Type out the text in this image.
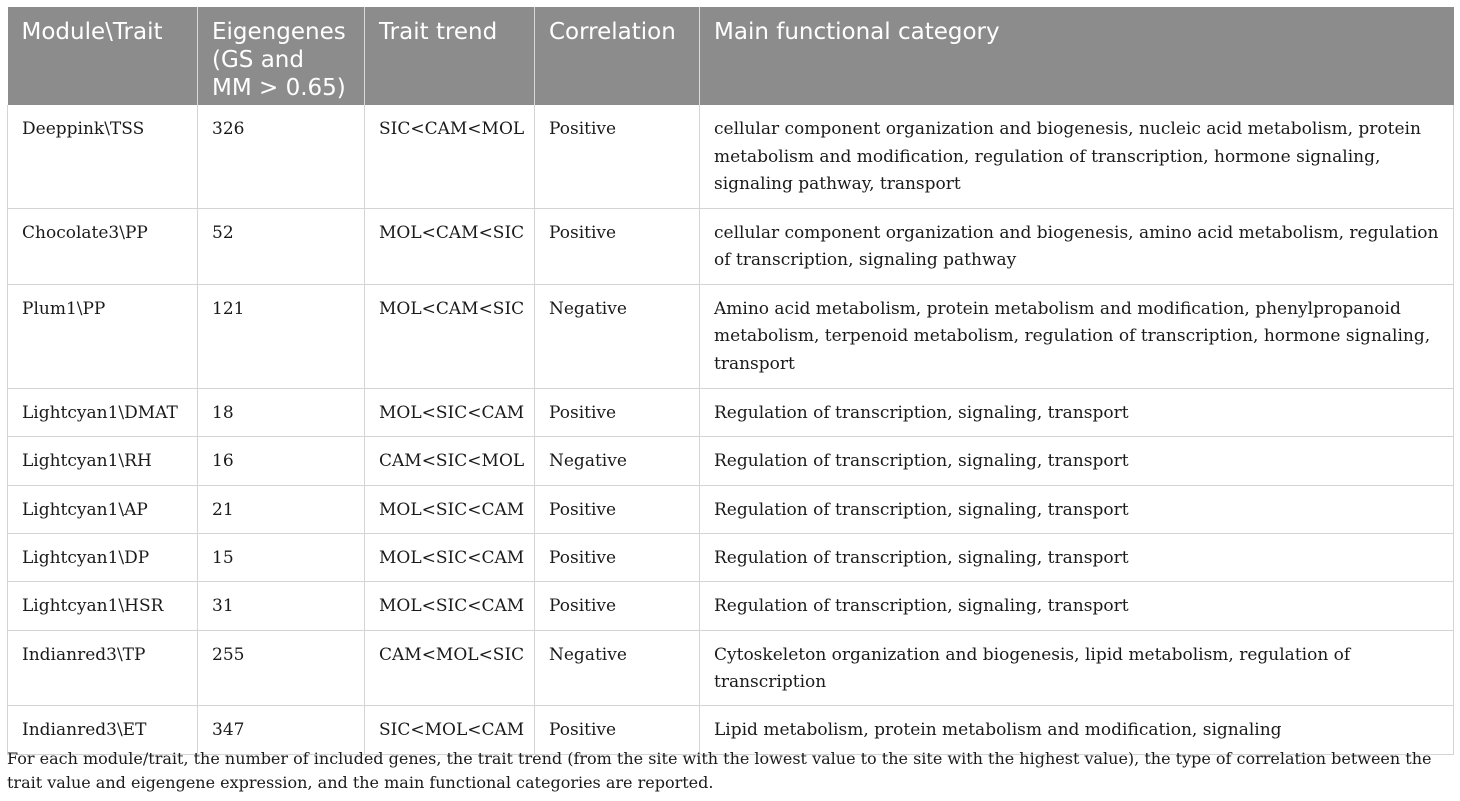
Module\Trait	Eigengenes (GS and MM > 0.65)	Trait trend	Correlation	Main functional category
Deeppink\TSS	326	SIC<CAM<MOL	Positive	cellular component organization and biogenesis, nucleic acid metabolism, protein metabolism and modification, regulation of transcription, hormone signaling, signaling pathway, transport
Chocolate3\PP	52	MOL<CAM<SIC	Positive	cellular component organization and biogenesis, amino acid metabolism, regulation of transcription, signaling pathway
Plum1\PP	121	MOL<CAM<SIC	Negative	Amino acid metabolism, protein metabolism and modification, phenylpropanoid metabolism, terpenoid metabolism, regulation of transcription, hormone signaling, transport
Lightcyan1\DMAT	18	MOL<SIC<CAM	Positive	Regulation of transcription, signaling, transport
Lightcyan1\RH	16	CAM<SIC<MOL	Negative	Regulation of transcription, signaling, transport
Lightcyan1\AP	21	MOL<SIC<CAM	Positive	Regulation of transcription, signaling, transport
Lightcyan1\DP	15	MOL<SIC<CAM	Positive	Regulation of transcription, signaling, transport
Lightcyan1\HSR	31	MOL<SIC<CAM	Positive	Regulation of transcription, signaling, transport
Indianred3\TP	255	CAM<MOL<SIC	Negative	Cytoskeleton organization and biogenesis, lipid metabolism, regulation of transcription
Indianred3\ET	347	SIC<MOL<CAM	Positive	Lipid metabolism, protein metabolism and modification, signaling

For each module/trait, the number of included genes, the trait trend (from the site with the lowest value to the site with the highest value), the type of correlation between the trait value and eigengene expression, and the main functional categories are reported.
